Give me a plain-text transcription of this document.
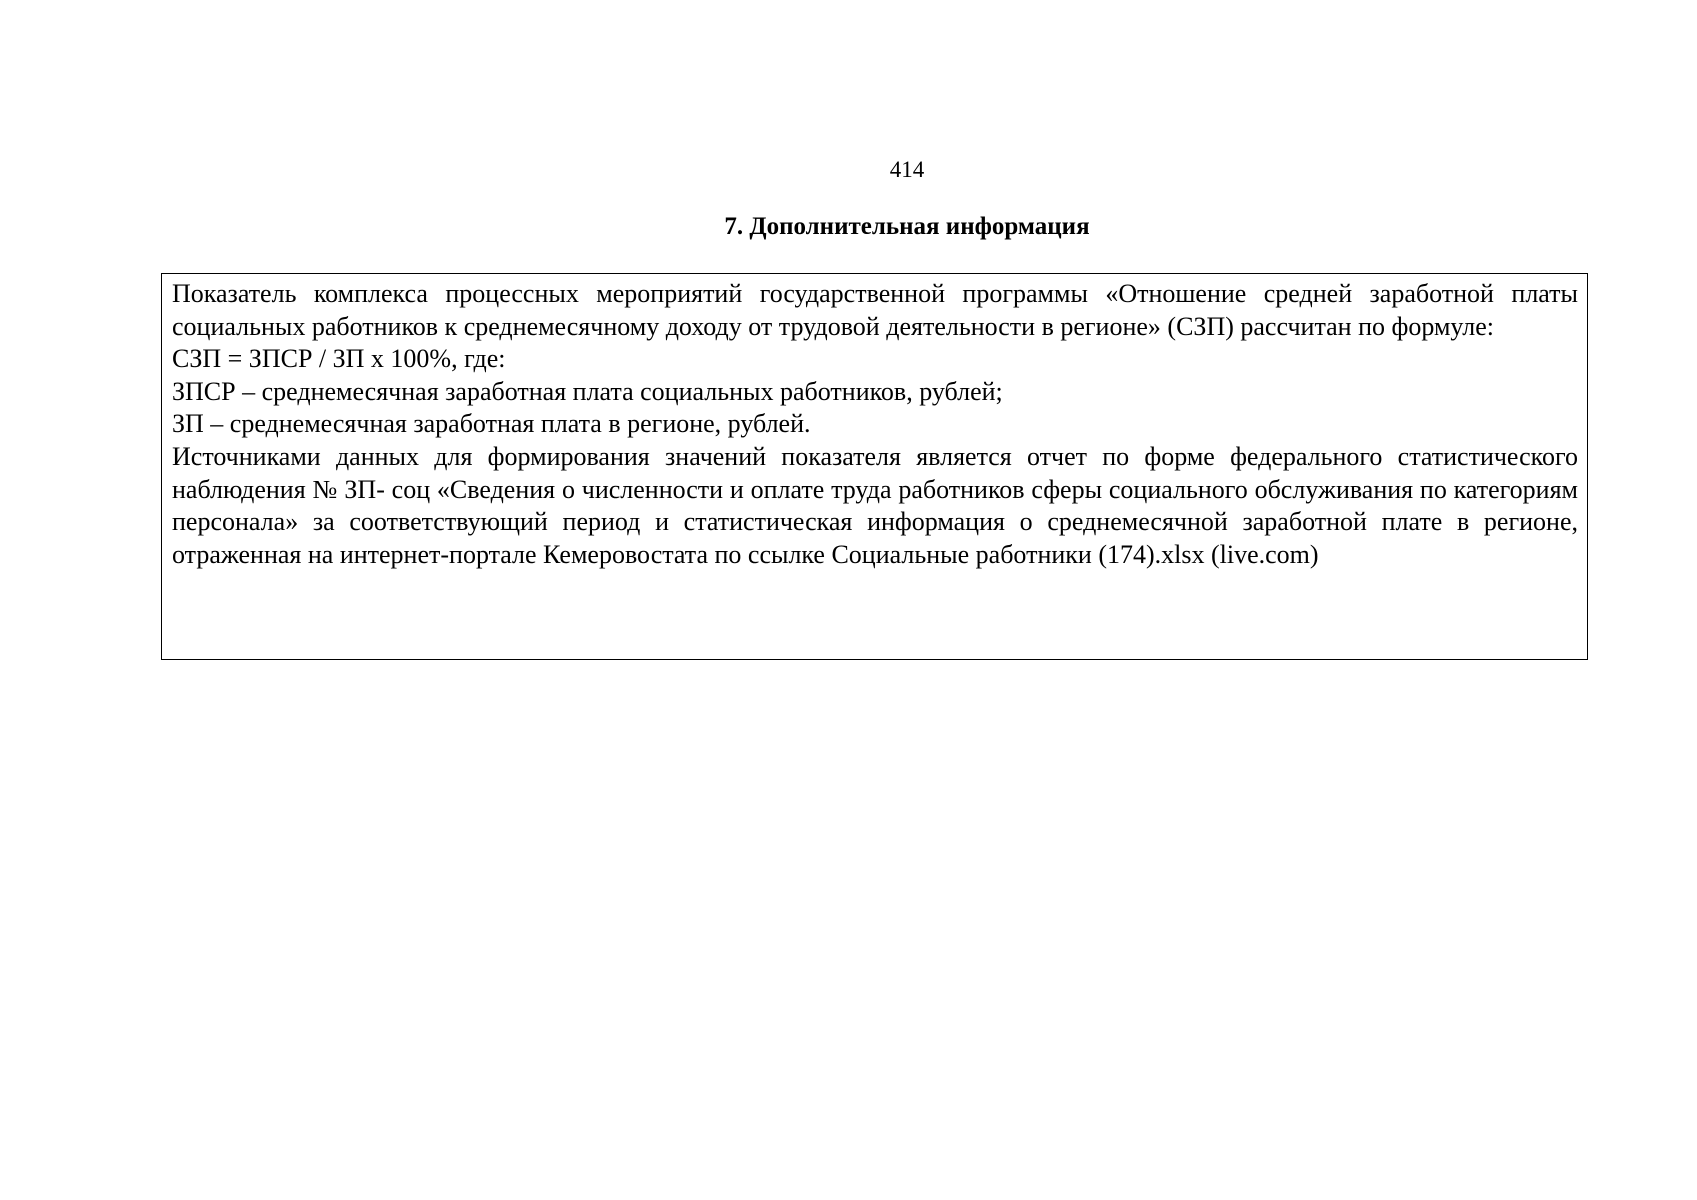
414
7. Дополнительная информация

Показатель комплекса процессных мероприятий государственной программы «Отношение средней заработной платы социальных работников к среднемесячному доходу от трудовой деятельности в регионе» (СЗП) рассчитан по формуле:

СЗП = ЗПСР / ЗП х 100%, где:

ЗПСР – среднемесячная заработная плата социальных работников, рублей;

ЗП – среднемесячная заработная плата в регионе, рублей.

Источниками данных для формирования значений показателя является отчет по форме федерального статистического наблюдения № ЗП- соц «Сведения о численности и оплате труда работников сферы социального обслуживания по категориям персонала» за соответствующий период и статистическая информация о среднемесячной заработной плате в регионе, отраженная на интернет-портале Кемеровостата по ссылке Социальные работники (174).xlsx (live.com)
